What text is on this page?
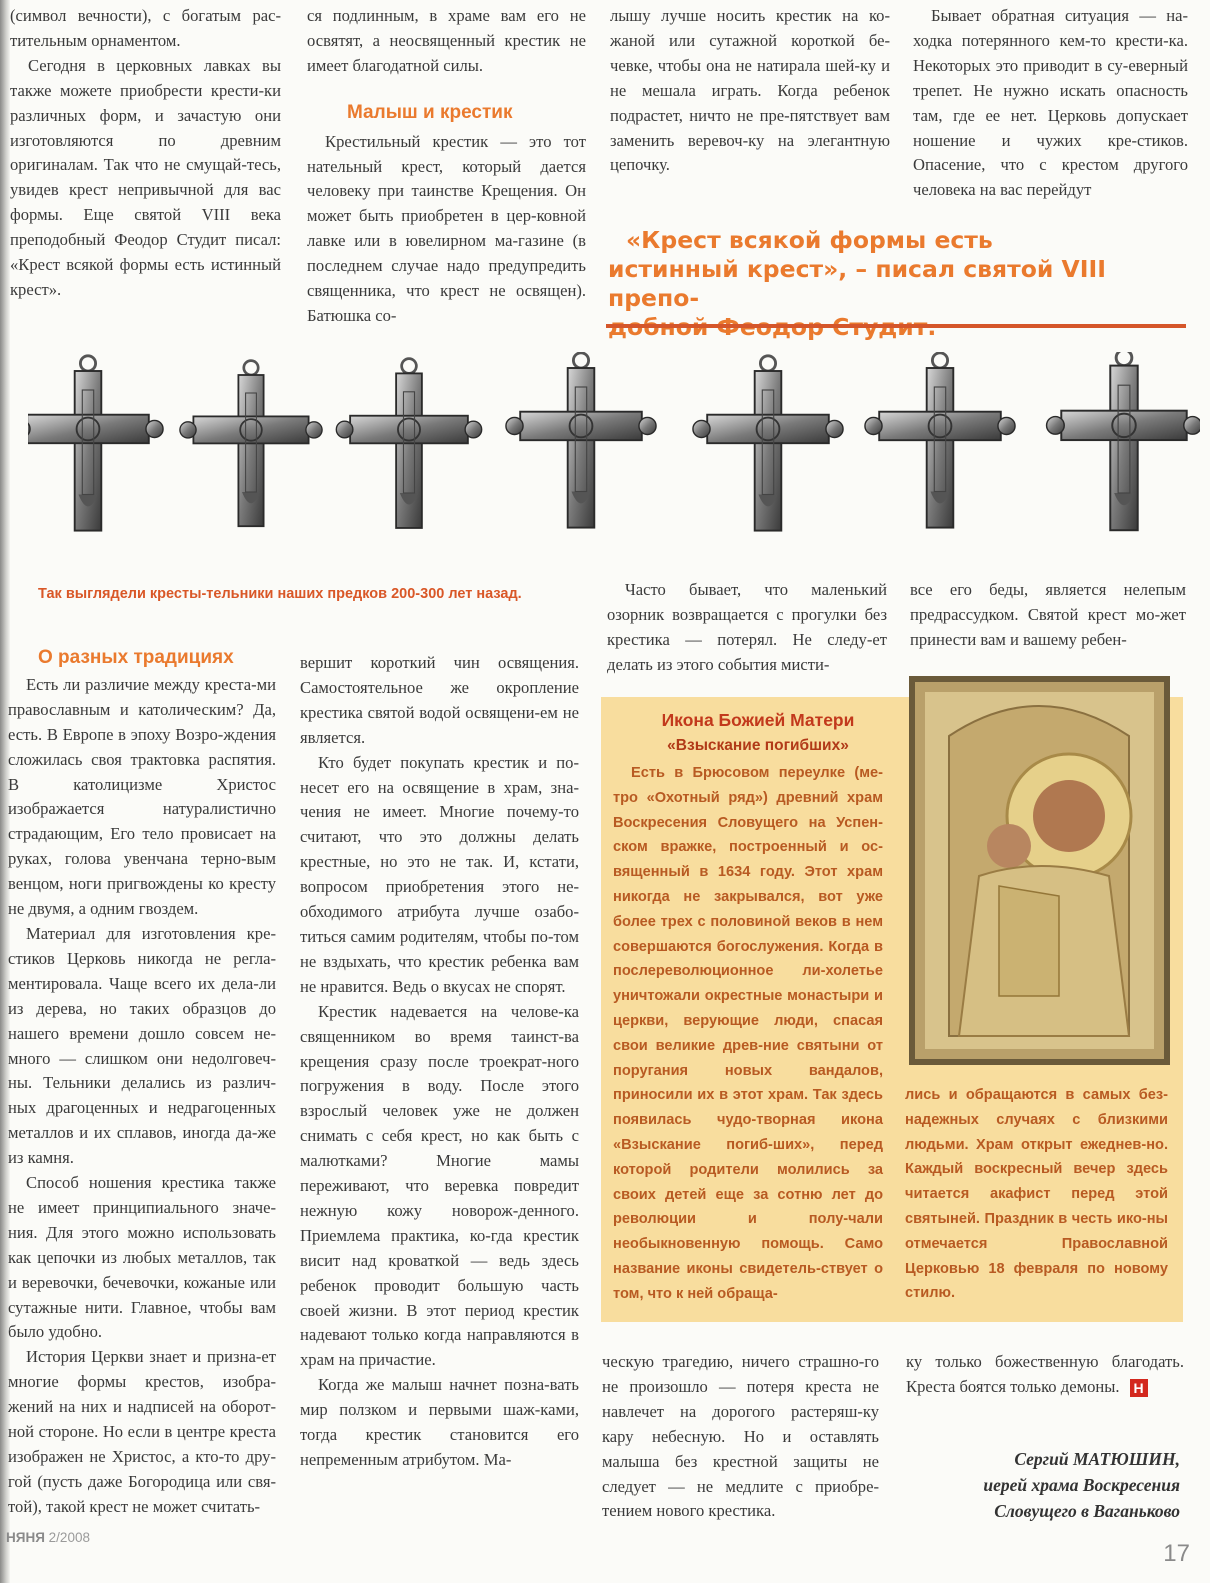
(символ вечности), с богатым рас-тительным орнаментом.

Сегодня в церковных лавках вы также можете приобрести крести-ки различных форм, и зачастую они изготовляются по древним оригиналам. Так что не смущай-тесь, увидев крест непривычной для вас формы. Еще святой VIII века преподобный Феодор Студит писал: «Крест всякой формы есть истинный крест».

ся подлинным, в храме вам его не освятят, а неосвященный крестик не имеет благодатной силы.

Малыш и крестик

Крестильный крестик — это тот нательный крест, который дается человеку при таинстве Крещения. Он может быть приобретен в цер-ковной лавке или в ювелирном ма-газине (в последнем случае надо предупредить священника, что крест не освящен). Батюшка со-

лышу лучше носить крестик на ко-жаной или сутажной короткой бе-чевке, чтобы она не натирала шей-ку и не мешала играть. Когда ребенок подрастет, ничто не пре-пятствует вам заменить веревоч-ку на элегантную цепочку.

Бывает обратная ситуация — на-ходка потерянного кем-то крести-ка. Некоторых это приводит в су-еверный трепет. Не нужно искать опасность там, где ее нет. Церковь допускает ношение и чужих кре-стиков. Опасение, что с крестом другого человека на вас перейдут

«Крест всякой формы есть
истинный крест», – писал святой VIII препо-
Так выглядели кресты-тельники наших предков 200-300 лет назад.
О разных традициях

Есть ли различие между креста-ми православным и католическим? Да, есть. В Европе в эпоху Возро-ждения сложилась своя трактовка распятия. В католицизме Христос изображается натуралистично страдающим, Его тело провисает на руках, голова увенчана терно-вым венцом, ноги пригвождены ко кресту не двумя, а одним гвоздем.

Материал для изготовления кре-стиков Церковь никогда не регла-ментировала. Чаще всего их дела-ли из дерева, но таких образцов до нашего времени дошло совсем не-много — слишком они недолговеч-ны. Тельники делались из различ-ных драгоценных и недрагоценных металлов и их сплавов, иногда да-же из камня.

Способ ношения крестика также не имеет принципиального значе-ния. Для этого можно использовать как цепочки из любых металлов, так и веревочки, бечевочки, кожаные или сутажные нити. Главное, чтобы вам было удобно.

История Церкви знает и призна-ет многие формы крестов, изобра-жений на них и надписей на оборот-ной стороне. Но если в центре креста изображен не Христос, а кто-то дру-гой (пусть даже Богородица или свя-той), такой крест не может считать-

вершит короткий чин освящения. Самостоятельное же окропление крестика святой водой освящени-ем не является.

Кто будет покупать крестик и по-несет его на освящение в храм, зна-чения не имеет. Многие почему-то считают, что это должны делать крестные, но это не так. И, кстати, вопросом приобретения этого не-обходимого атрибута лучше озабо-титься самим родителям, чтобы по-том не вздыхать, что крестик ребенка вам не нравится. Ведь о вкусах не спорят.

Крестик надевается на челове-ка священником во время таинст-ва крещения сразу после троекрат-ного погружения в воду. После этого взрослый человек уже не должен снимать с себя крест, но как быть с малютками? Многие мамы переживают, что веревка повредит нежную кожу новорож-денного. Приемлема практика, ко-гда крестик висит над кроваткой — ведь здесь ребенок проводит большую часть своей жизни. В этот период крестик надевают только когда направляются в храм на причастие.

Когда же малыш начнет позна-вать мир ползком и первыми шаж-ками, тогда крестик становится его непременным атрибутом. Ма-

Часто бывает, что маленький озорник возвращается с прогулки без крестика — потерял. Не следу-ет делать из этого события мисти-

все его беды, является нелепым предрассудком. Святой крест мо-жет принести вам и вашему ребен-

Икона Божией Матери
«Взыскание погибших»
Есть в Брюсовом переулке (ме-тро «Охотный ряд») древний храм Воскресения Словущего на Успен-ском вражке, построенный и ос-вященный в 1634 году. Этот храм никогда не закрывался, вот уже более трех с половиной веков в нем совершаются богослужения. Когда в послереволюционное ли-холетье уничтожали окрестные монастыри и церкви, верующие люди, спасая свои великие древ-ние святыни от поругания новых вандалов, приносили их в этот храм. Так здесь появилась чудо-творная икона «Взыскание погиб-ших», перед которой родители молились за своих детей еще за сотню лет до революции и полу-чали необыкновенную помощь. Само название иконы свидетель-ствует о том, что к ней обраща-
лись и обращаются в самых без-надежных случаях с близкими людьми. Храм открыт ежеднев-но. Каждый воскресный вечер здесь читается акафист перед этой святыней. Праздник в честь ико-ны отмечается Православной Церковью 18 февраля по новому стилю.

ческую трагедию, ничего страшно-го не произошло — потеря креста не навлечет на дорогого растеряш-ку кару небесную. Но и оставлять малыша без крестной защиты не следует — не медлите с приобре-тением нового крестика.

ку только божественную благодать. Креста боятся только демоны. Н

Сергий МАТЮШИН,
иерей храма Воскресения
Словущего в Ваганьково
НЯНЯ 2/2008
17
